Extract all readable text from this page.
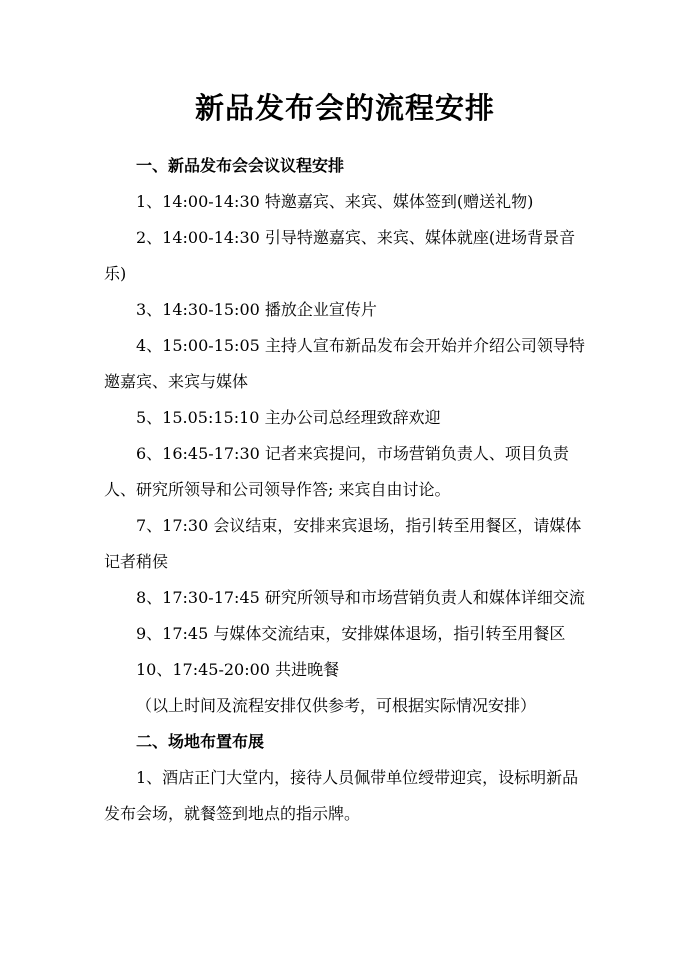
新品发布会的流程安排

一、新品发布会会议议程安排

1、14:00-14:30 特邀嘉宾、来宾、媒体签到(赠送礼物)

2、14:00-14:30 引导特邀嘉宾、来宾、媒体就座(进场背景音乐)

3、14:30-15:00 播放企业宣传片

4、15:00-15:05 主持人宣布新品发布会开始并介绍公司领导特邀嘉宾、来宾与媒体

5、15.05:15:10 主办公司总经理致辞欢迎

6、16:45-17:30 记者来宾提问，市场营销负责人、项目负责人、研究所领导和公司领导作答; 来宾自由讨论。

7、17:30 会议结束，安排来宾退场，指引转至用餐区，请媒体记者稍侯

8、17:30-17:45 研究所领导和市场营销负责人和媒体详细交流

9、17:45 与媒体交流结束，安排媒体退场，指引转至用餐区

10、17:45-20:00 共进晚餐

（以上时间及流程安排仅供参考，可根据实际情况安排）

二、场地布置布展

1、酒店正门大堂内，接待人员佩带单位绶带迎宾，设标明新品发布会场，就餐签到地点的指示牌。
